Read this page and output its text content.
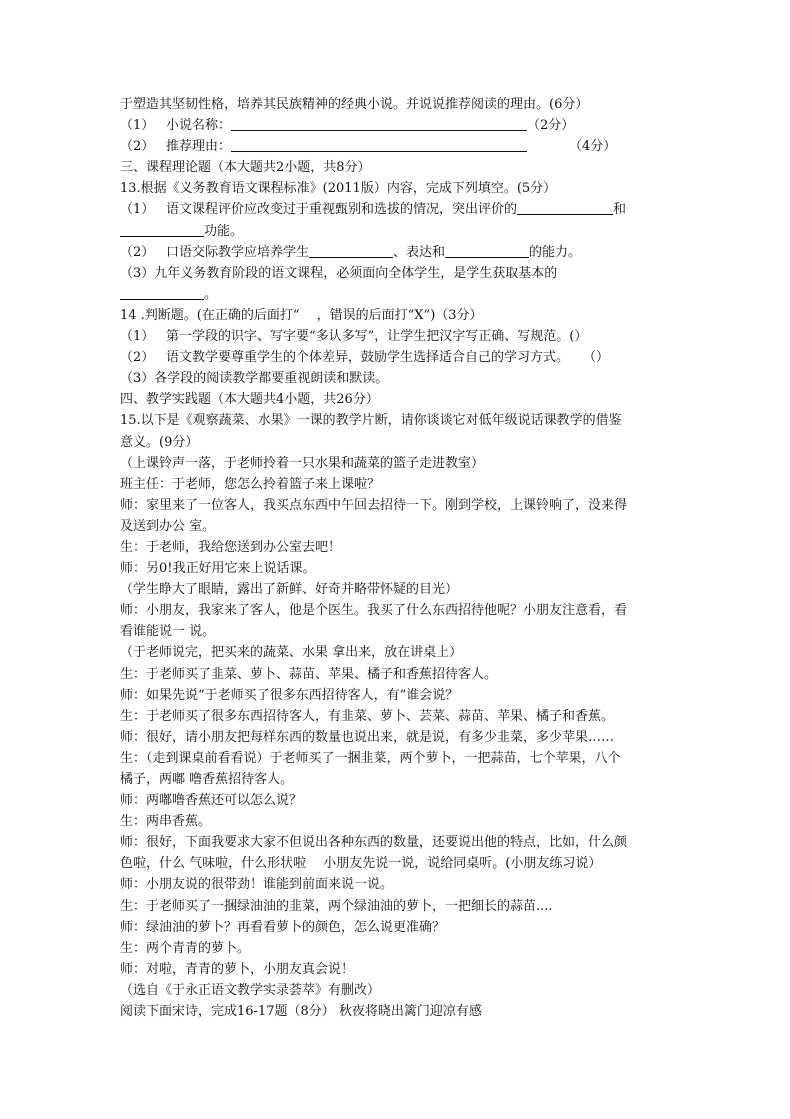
于塑造其坚韧性格，培养其民族精神的经典小说。并说说推荐阅读的理由。(6分）
（1） 小说名称：	（2分）
（2） 推荐理由：	（4分）
三、课程理论题（本大题共2小题，共8分）
13.根据《义务教育语文课程标准》(2011版）内容，完成下列填空。(5分）
（1） 语文课程评价应改变过于重视甄别和选拔的情况，突出评价的	和
功能。
（2） 口语交际教学应培养学生	、表达和	的能力。
（3）九年义务教育阶段的语文课程，必须面向全体学生，是学生获取基本的
。
14 .判断题。(在正确的后面打“　 ，错误的后面打“X”)（3分）
（1） 第一学段的识字、写字要“多认多写”，让学生把汉字写正确、写规范。(）
（2） 语文教学要尊重学生的个体差异，鼓励学生选择适合自己的学习方式。 （）
（3）各学段的阅读教学都要重视朗读和默读。
四、教学实践题（本大题共4小题，共26分）
15.以下是《观察蔬菜、水果》一课的教学片断，请你谈谈它对低年级说话课教学的借鉴
意义。(9分）
（上课铃声一落，于老师拎着一只水果和蔬菜的篮子走进教室）
班主任：于老师，您怎么拎着篮子来上课啦？
师：家里来了一位客人，我买点东西中午回去招待一下。刚到学校，上课铃响了，没来得
及送到办公 室。
生：于老师，我给您送到办公室去吧！
师：另0!我正好用它来上说话课。
（学生睁大了眼睛，露出了新鲜、好奇并略带怀疑的目光）
师：小朋友，我家来了客人，他是个医生。我买了什么东西招待他呢？小朋友注意看，看
看谁能说一 说。
（于老师说完，把买来的蔬菜、水果 拿出来，放在讲桌上）
生：于老师买了韭菜、萝卜、蒜苗、苹果、橘子和香蕉招待客人。
师：如果先说“于老师买了很多东西招待客人，有”谁会说？
生：于老师买了很多东西招待客人，有韭菜、萝卜、芸菜、蒜苗、苹果、橘子和香蕉。
师：很好，请小朋友把每样东西的数量也说出来，就是说，有多少韭菜，多少苹果……
生：（走到课桌前看看说）于老师买了一捆韭菜，两个萝卜，一把蒜苗，七个苹果，八个
橘子，两嘟 噜香蕉招待客人。
师：两嘟噜香蕉还可以怎么说？
生：两串香蕉。
师：很好，下面我要求大家不但说出各种东西的数量，还要说出他的特点，比如，什么颜
色啦，什么 气味啦，什么形状啦　 小朋友先说一说，说给同桌听。(小朋友练习说）
师：小朋友说的很带劲！谁能到前面来说一说。
生：于老师买了一捆绿油油的韭菜，两个绿油油的萝卜，一把细长的蒜苗....
师：绿油油的萝卜？再看看萝卜的颜色，怎么说更准确？
生：两个青青的萝卜。
师：对啦，青青的萝卜，小朋友真会说！
（选自《于永正语文教学实录荟萃》有删改）
阅读下面宋诗，完成16-17题（8分） 秋夜将晓出篱门迎凉有感
